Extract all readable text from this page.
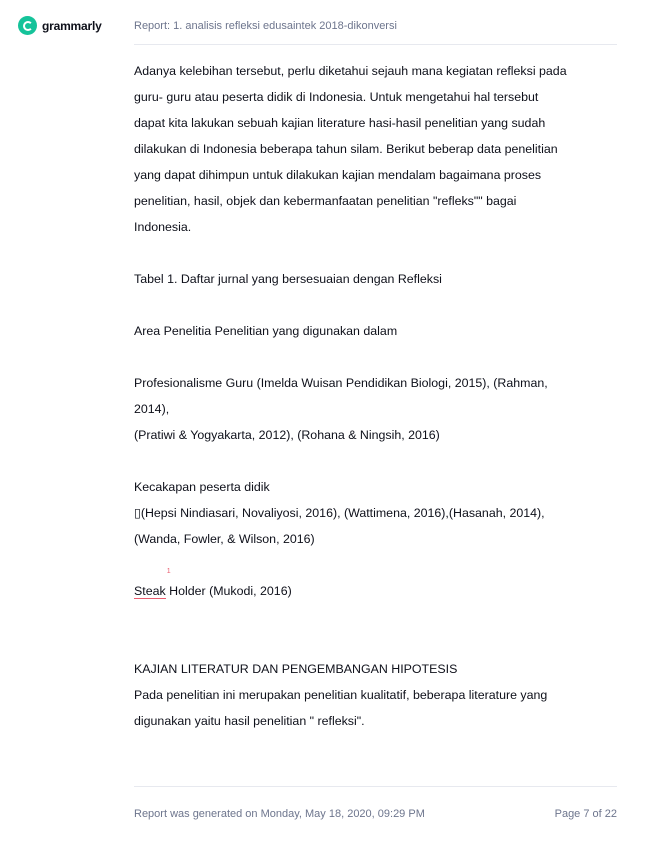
grammarly	Report: 1. analisis refleksi edusaintek 2018-dikonversi

Adanya kelebihan tersebut, perlu diketahui sejauh mana kegiatan refleksi pada

guru- guru atau peserta didik di Indonesia. Untuk mengetahui hal tersebut

dapat kita lakukan sebuah kajian literature hasi-hasil penelitian yang sudah

dilakukan di Indonesia beberapa tahun silam. Berikut beberap data penelitian

yang dapat dihimpun untuk dilakukan kajian mendalam bagaimana proses

penelitian, hasil, objek dan kebermanfaatan penelitian "refleks"" bagai

Indonesia.

Tabel 1. Daftar jurnal yang bersesuaian dengan Refleksi

Area Penelitia Penelitian yang digunakan dalam

Profesionalisme Guru (Imelda Wuisan Pendidikan Biologi, 2015), (Rahman,

2014),

(Pratiwi & Yogyakarta, 2012), (Rohana & Ningsih, 2016)

Kecakapan peserta didik

▯(Hepsi Nindiasari, Novaliyosi, 2016), (Wattimena, 2016),(Hasanah, 2014),

(Wanda, Fowler, & Wilson, 2016)

Steak
1
Holder (Mukodi, 2016)

KAJIAN LITERATUR DAN PENGEMBANGAN HIPOTESIS

Pada penelitian ini merupakan penelitian kualitatif, beberapa literature yang

digunakan yaitu hasil penelitian " refleksi".

Report was generated on Monday, May 18, 2020, 09:29 PM	Page 7 of 22
